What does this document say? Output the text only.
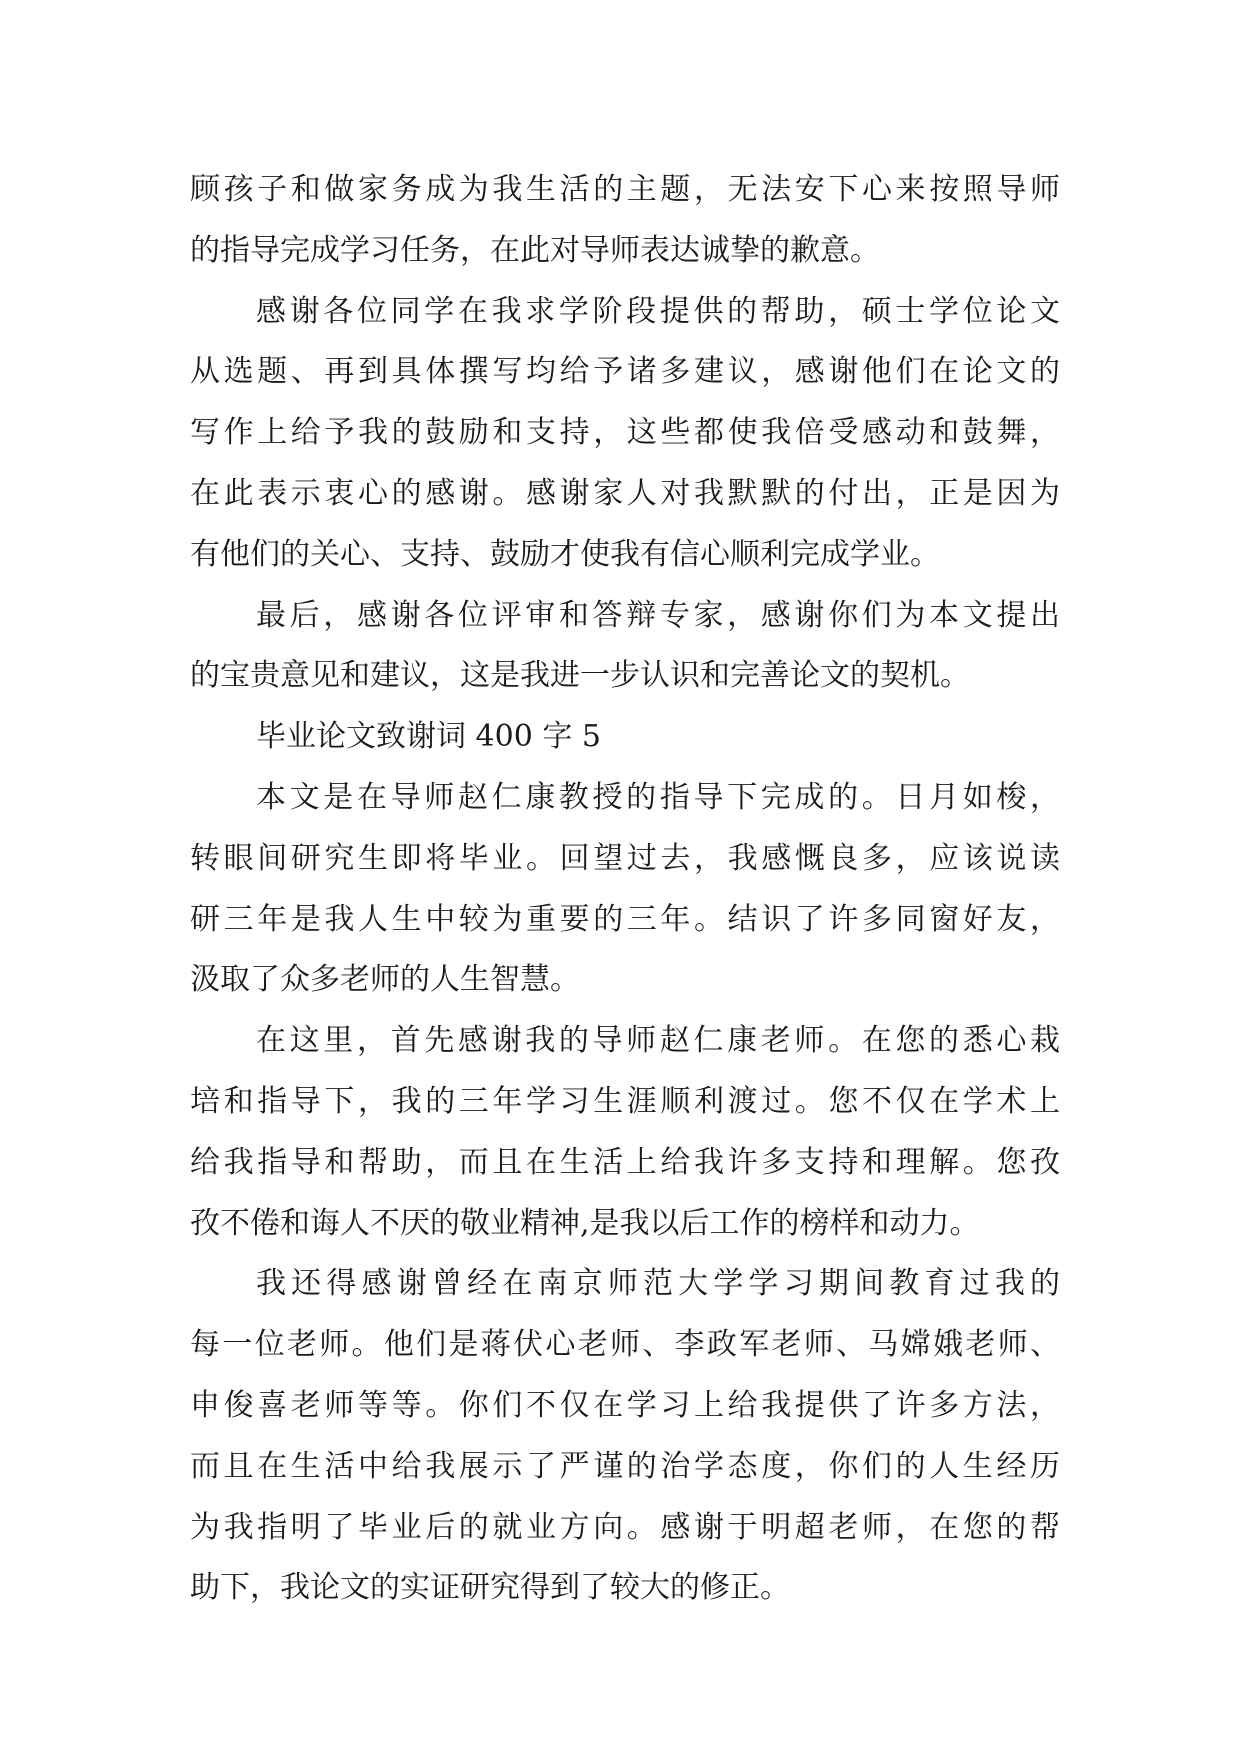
顾孩子和做家务成为我生活的主题，无法安下心来按照导师
的指导完成学习任务，在此对导师表达诚挚的歉意。
感谢各位同学在我求学阶段提供的帮助，硕士学位论文
从选题、再到具体撰写均给予诸多建议，感谢他们在论文的
写作上给予我的鼓励和支持，这些都使我倍受感动和鼓舞，
在此表示衷心的感谢。感谢家人对我默默的付出，正是因为
有他们的关心、支持、鼓励才使我有信心顺利完成学业。
最后，感谢各位评审和答辩专家，感谢你们为本文提出
的宝贵意见和建议，这是我进一步认识和完善论文的契机。
毕业论文致谢词 400 字 5
本文是在导师赵仁康教授的指导下完成的。日月如梭，
转眼间研究生即将毕业。回望过去，我感慨良多，应该说读
研三年是我人生中较为重要的三年。结识了许多同窗好友，
汲取了众多老师的人生智慧。
在这里，首先感谢我的导师赵仁康老师。在您的悉心栽
培和指导下，我的三年学习生涯顺利渡过。您不仅在学术上
给我指导和帮助，而且在生活上给我许多支持和理解。您孜
孜不倦和诲人不厌的敬业精神,是我以后工作的榜样和动力。
我还得感谢曾经在南京师范大学学习期间教育过我的
每一位老师。他们是蒋伏心老师、李政军老师、马嫦娥老师、
申俊喜老师等等。你们不仅在学习上给我提供了许多方法，
而且在生活中给我展示了严谨的治学态度，你们的人生经历
为我指明了毕业后的就业方向。感谢于明超老师，在您的帮
助下，我论文的实证研究得到了较大的修正。
